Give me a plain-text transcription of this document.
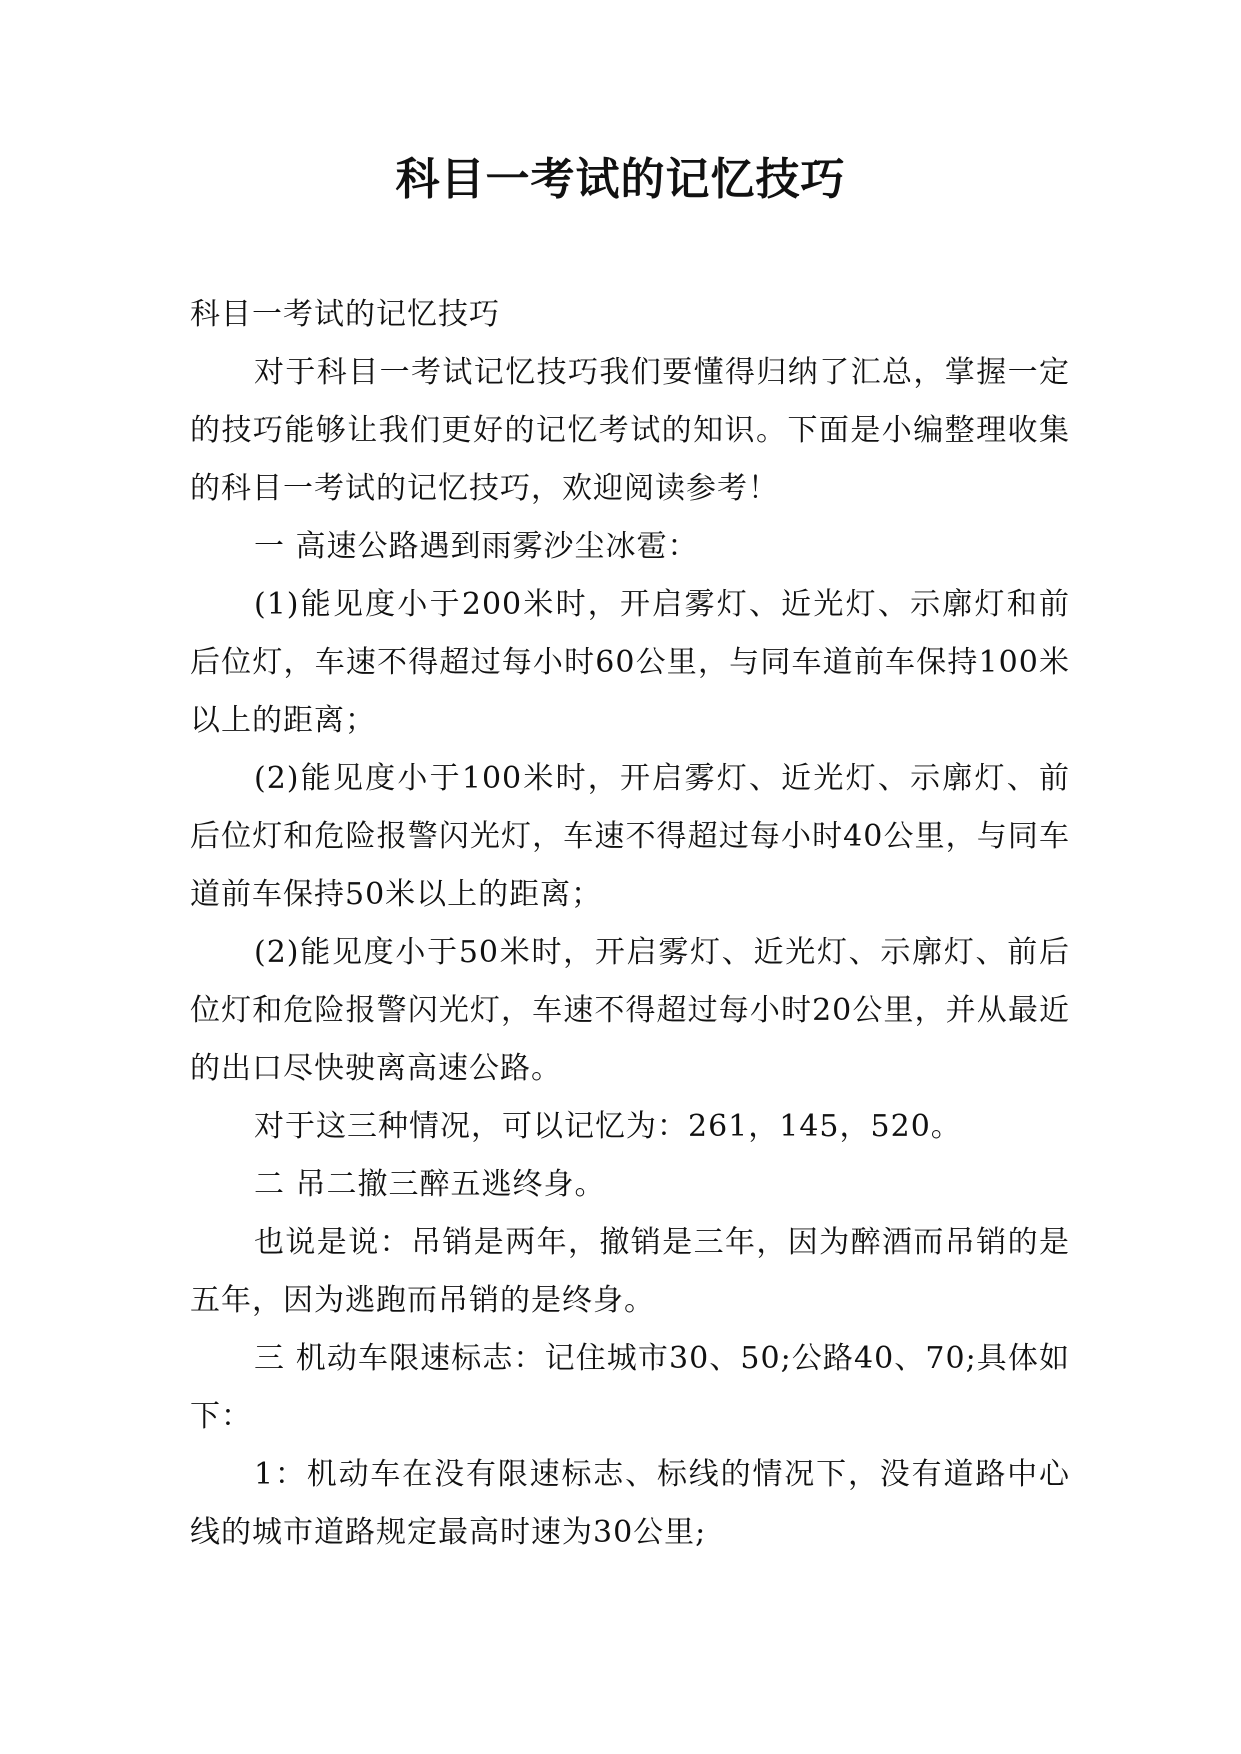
科目一考试的记忆技巧

科目一考试的记忆技巧

对于科目一考试记忆技巧我们要懂得归纳了汇总，掌握一定的技巧能够让我们更好的记忆考试的知识。下面是小编整理收集的科目一考试的记忆技巧，欢迎阅读参考！

一 高速公路遇到雨雾沙尘冰雹：

(1)能见度小于200米时，开启雾灯、近光灯、示廓灯和前后位灯，车速不得超过每小时60公里，与同车道前车保持100米以上的距离；

(2)能见度小于100米时，开启雾灯、近光灯、示廓灯、前后位灯和危险报警闪光灯，车速不得超过每小时40公里，与同车道前车保持50米以上的距离；

(2)能见度小于50米时，开启雾灯、近光灯、示廓灯、前后位灯和危险报警闪光灯，车速不得超过每小时20公里，并从最近的出口尽快驶离高速公路。

对于这三种情况，可以记忆为：261，145，520。

二 吊二撤三醉五逃终身。

也说是说：吊销是两年，撤销是三年，因为醉酒而吊销的是五年，因为逃跑而吊销的是终身。

三 机动车限速标志：记住城市30、50;公路40、70;具体如下：

1：机动车在没有限速标志、标线的情况下，没有道路中心线的城市道路规定最高时速为30公里;
